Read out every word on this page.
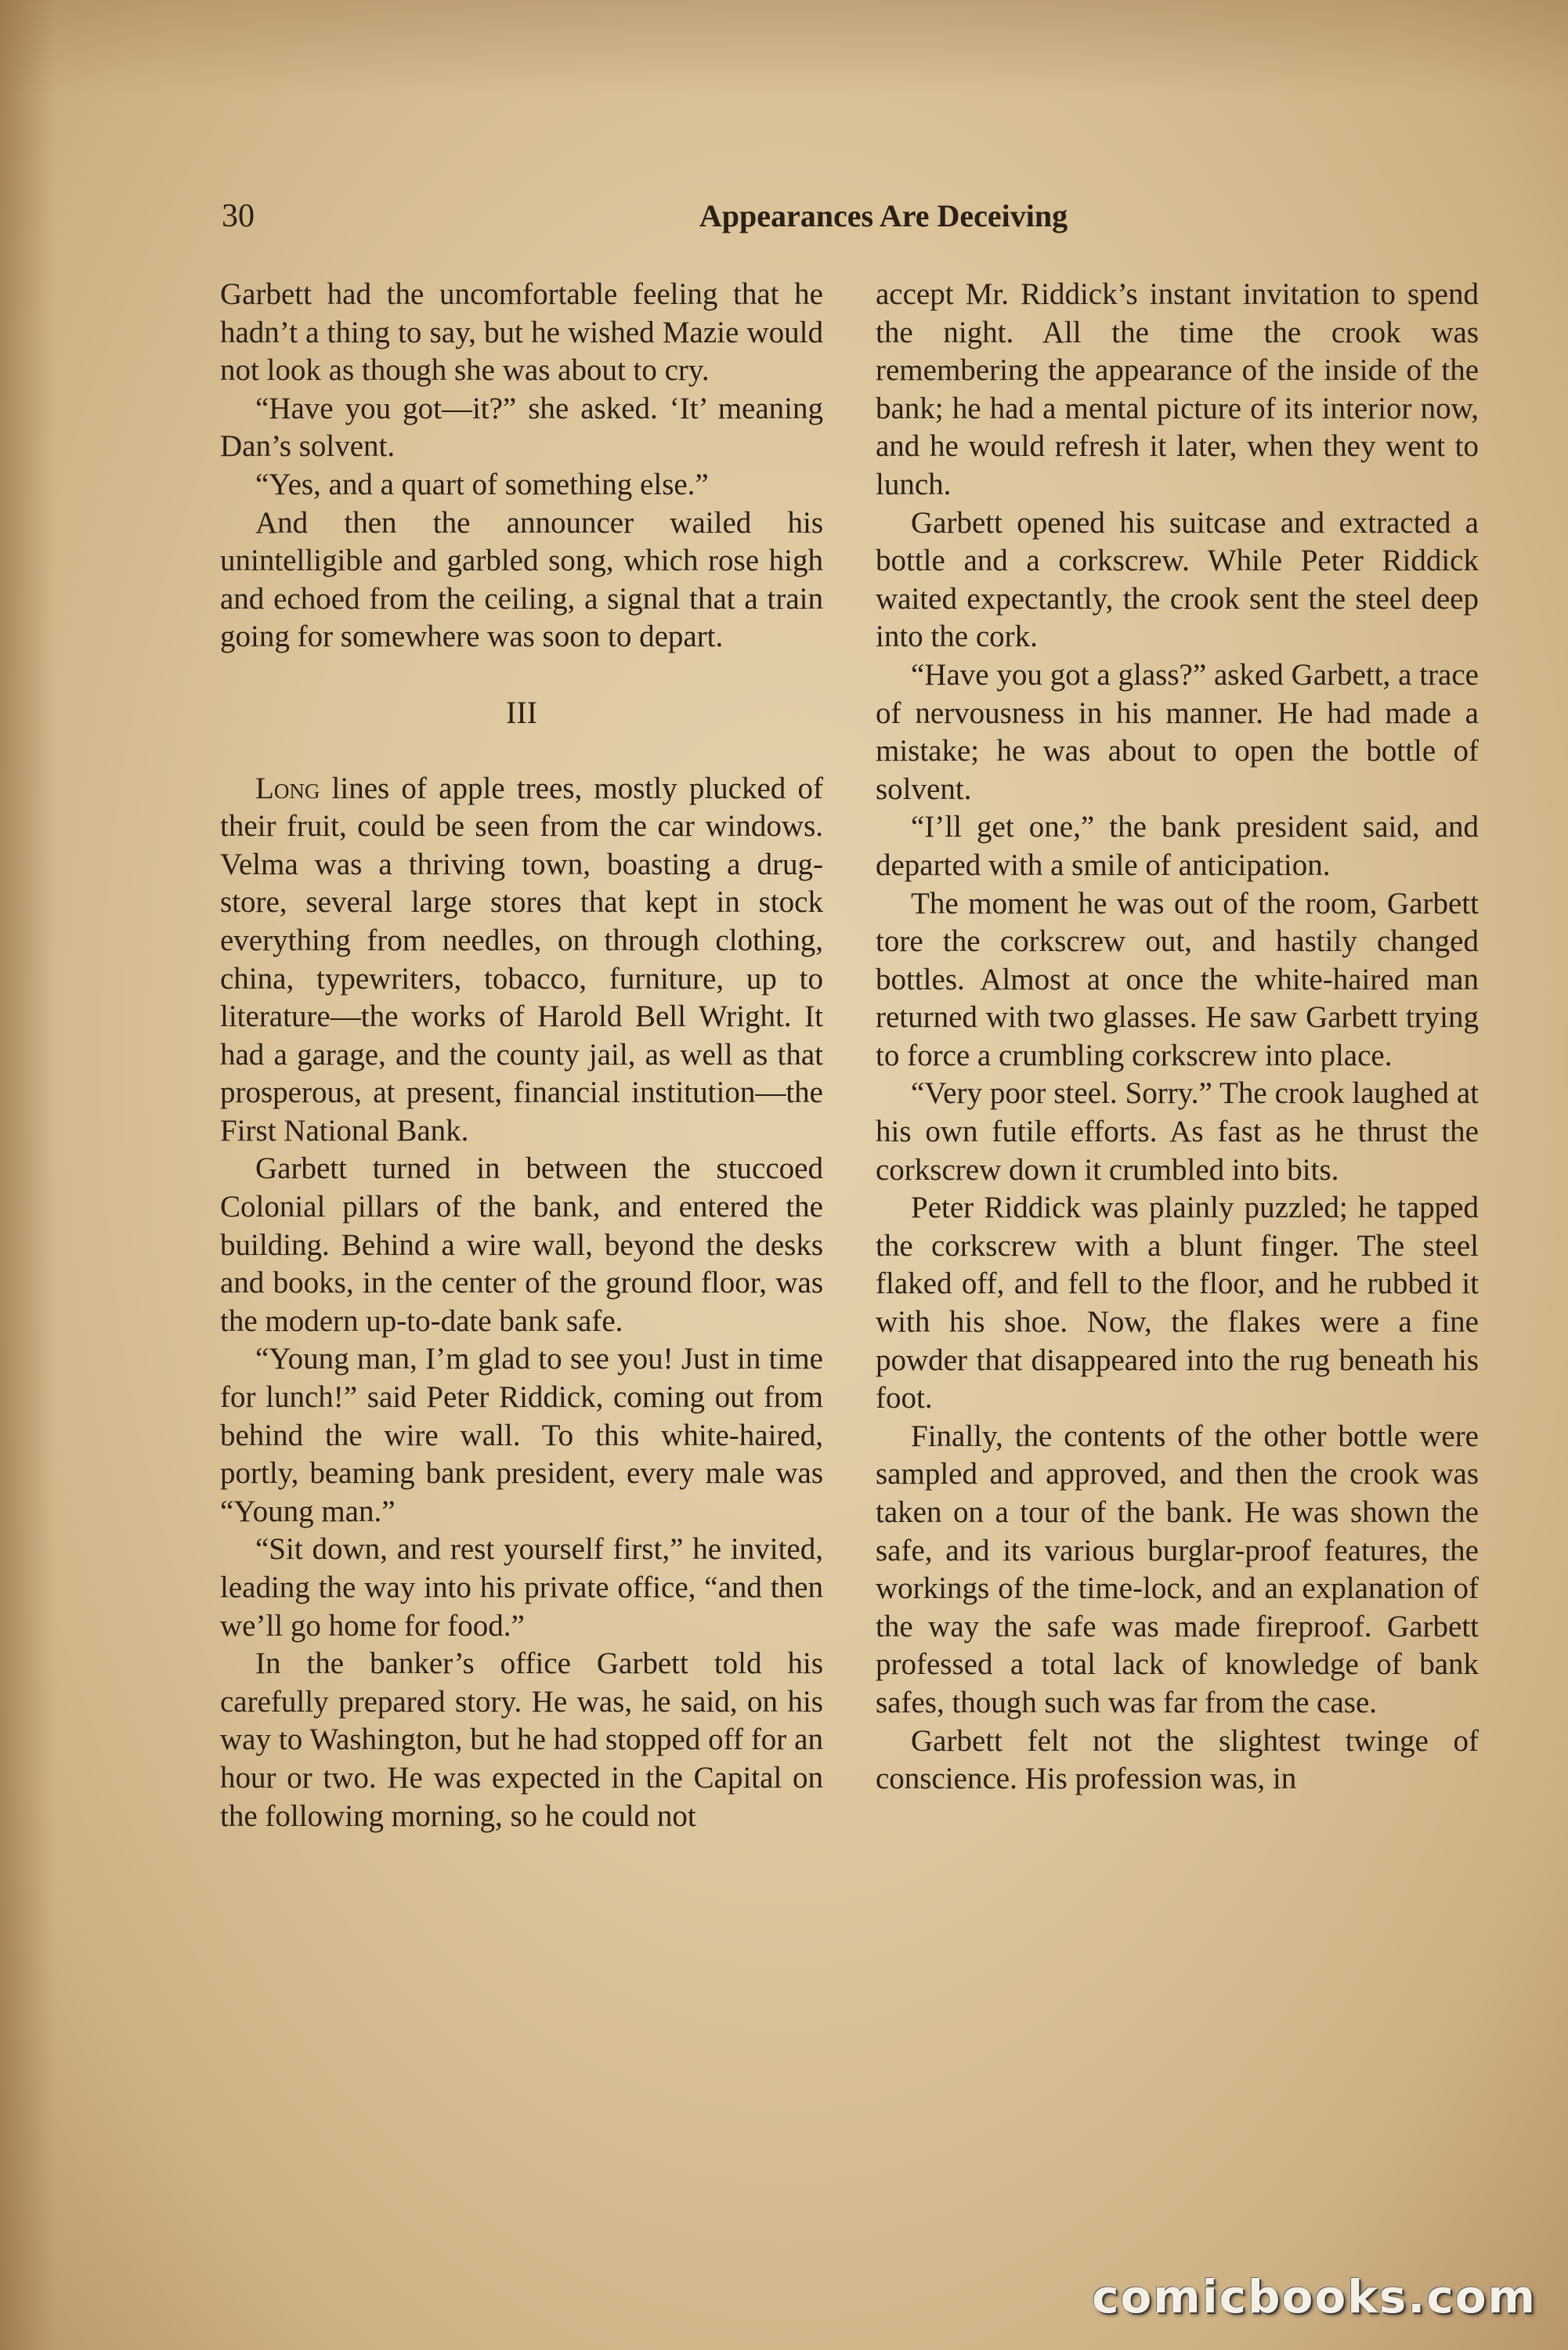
30	Appearances Are Deceiving

Garbett had the uncomfortable feeling that he hadn’t a thing to say, but he wished Mazie would not look as though she was about to cry.

“Have you got—it?” she asked. ‘It’ meaning Dan’s solvent.

“Yes, and a quart of something else.”

And then the announcer wailed his unintelligible and garbled song, which rose high and echoed from the ceiling, a signal that a train going for somewhere was soon to depart.

III

Long lines of apple trees, mostly plucked of their fruit, could be seen from the car windows. Velma was a thriving town, boasting a drug-store, several large stores that kept in stock everything from needles, on through clothing, china, typewriters, tobacco, furniture, up to literature—the works of Harold Bell Wright. It had a garage, and the county jail, as well as that prosperous, at present, financial institution—the First National Bank.

Garbett turned in between the stuccoed Colonial pillars of the bank, and entered the building. Behind a wire wall, beyond the desks and books, in the center of the ground floor, was the modern up-to-date bank safe.

“Young man, I’m glad to see you! Just in time for lunch!” said Peter Riddick, coming out from behind the wire wall. To this white-haired, portly, beaming bank president, every male was “Young man.”

“Sit down, and rest yourself first,” he invited, leading the way into his private office, “and then we’ll go home for food.”

In the banker’s office Garbett told his carefully prepared story. He was, he said, on his way to Washington, but he had stopped off for an hour or two. He was expected in the Capital on the following morning, so he could not

accept Mr. Riddick’s instant invitation to spend the night. All the time the crook was remembering the appearance of the inside of the bank; he had a mental picture of its interior now, and he would refresh it later, when they went to lunch.

Garbett opened his suitcase and extracted a bottle and a corkscrew. While Peter Riddick waited expectantly, the crook sent the steel deep into the cork.

“Have you got a glass?” asked Garbett, a trace of nervousness in his manner. He had made a mistake; he was about to open the bottle of solvent.

“I’ll get one,” the bank president said, and departed with a smile of anticipation.

The moment he was out of the room, Garbett tore the corkscrew out, and hastily changed bottles. Almost at once the white-haired man returned with two glasses. He saw Garbett trying to force a crumbling corkscrew into place.

“Very poor steel. Sorry.” The crook laughed at his own futile efforts. As fast as he thrust the corkscrew down it crumbled into bits.

Peter Riddick was plainly puzzled; he tapped the corkscrew with a blunt finger. The steel flaked off, and fell to the floor, and he rubbed it with his shoe. Now, the flakes were a fine powder that disappeared into the rug beneath his foot.

Finally, the contents of the other bottle were sampled and approved, and then the crook was taken on a tour of the bank. He was shown the safe, and its various burglar-proof features, the workings of the time-lock, and an explanation of the way the safe was made fireproof. Garbett professed a total lack of knowledge of bank safes, though such was far from the case.

Garbett felt not the slightest twinge of conscience. His profession was, in

comicbooks.com
